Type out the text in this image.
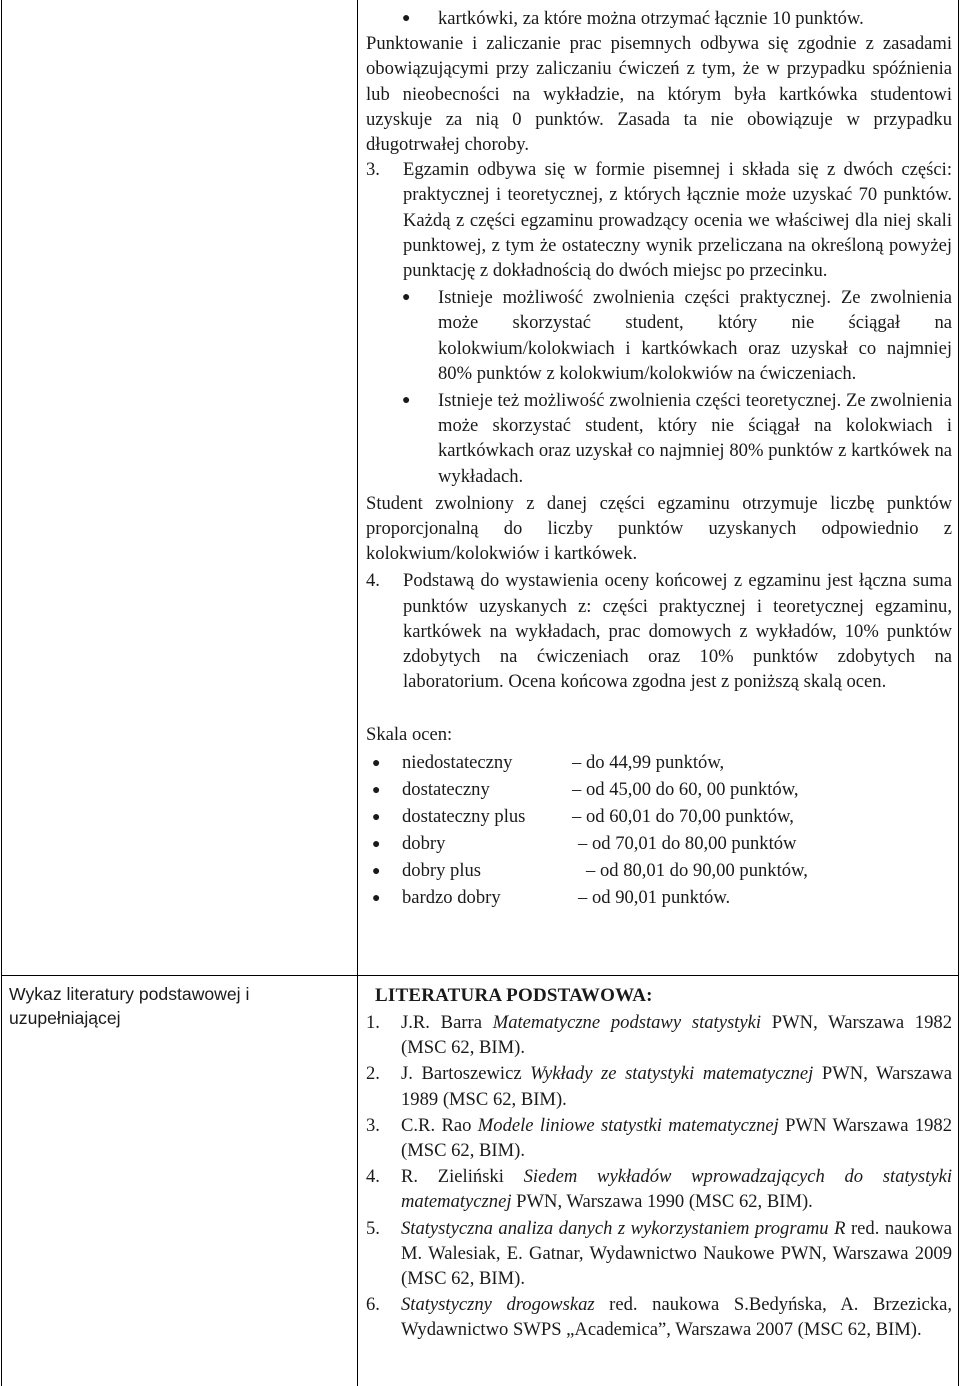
● kartkówki, za które można otrzymać łącznie 10 punktów.

Punktowanie i zaliczanie prac pisemnych odbywa się zgodnie z zasadami obowiązującymi przy zaliczaniu ćwiczeń z tym, że w przypadku spóźnienia lub nieobecności na wykładzie, na którym była kartkówka studentowi uzyskuje za nią 0 punktów. Zasada ta nie obowiązuje w przypadku długotrwałej choroby.

3. Egzamin odbywa się w formie pisemnej i składa się z dwóch części: praktycznej i teoretycznej, z których łącznie może uzyskać 70 punktów. Każdą z części egzaminu prowadzący ocenia we właściwej dla niej skali punktowej, z tym że ostateczny wynik przeliczana na określoną powyżej punktację z dokładnością do dwóch miejsc po przecinku.

● Istnieje możliwość zwolnienia części praktycznej. Ze zwolnienia może skorzystać student, który nie ściągał na kolokwium/kolokwiach i kartkówkach oraz uzyskał co najmniej 80% punktów z kolokwium/kolokwiów na ćwiczeniach.

● Istnieje też możliwość zwolnienia części teoretycznej. Ze zwolnienia może skorzystać student, który nie ściągał na kolokwiach i kartkówkach oraz uzyskał co najmniej 80% punktów z kartkówek na wykładach.

Student zwolniony z danej części egzaminu otrzymuje liczbę punktów proporcjonalną do liczby punktów uzyskanych odpowiednio z kolokwium/kolokwiów i kartkówek.

4. Podstawą do wystawienia oceny końcowej z egzaminu jest łączna suma punktów uzyskanych z: części praktycznej i teoretycznej egzaminu, kartkówek na wykładach, prac domowych z wykładów, 10% punktów zdobytych na ćwiczeniach oraz 10% punktów zdobytych na laboratorium. Ocena końcowa zgodna jest z poniższą skalą ocen.

Skala ocen:

● niedostateczny	– do 44,99 punktów,
● dostateczny	– od 45,00 do 60, 00 punktów,
● dostateczny plus	– od 60,01 do 70,00 punktów,
● dobry	– od 70,01 do 80,00 punktów
● dobry plus	– od 80,01 do 90,00 punktów,
● bardzo dobry	– od 90,01 punktów.

Wykaz literatury podstawowej i uzupełniającej

LITERATURA PODSTAWOWA:

1. J.R. Barra Matematyczne podstawy statystyki PWN, Warszawa 1982 (MSC 62, BIM).

2. J. Bartoszewicz Wykłady ze statystyki matematycznej PWN, Warszawa 1989 (MSC 62, BIM).

3. C.R. Rao Modele liniowe statystki matematycznej PWN Warszawa 1982 (MSC 62, BIM).

4. R. Zieliński Siedem wykładów wprowadzających do statystyki matematycznej PWN, Warszawa 1990 (MSC 62, BIM).

5. Statystyczna analiza danych z wykorzystaniem programu R red. naukowa M. Walesiak, E. Gatnar, Wydawnictwo Naukowe PWN, Warszawa 2009 (MSC 62, BIM).

6. Statystyczny drogowskaz red. naukowa S.Bedyńska, A. Brzezicka, Wydawnictwo SWPS „Academica”, Warszawa 2007 (MSC 62, BIM).
